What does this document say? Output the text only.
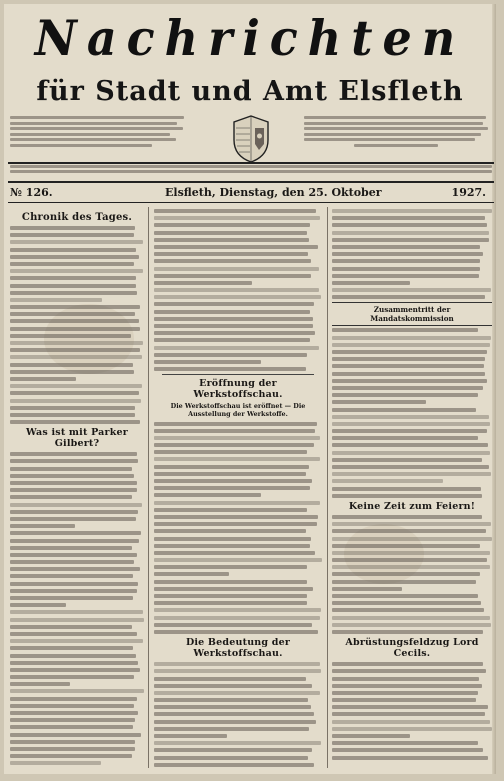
Nachrichten
für Stadt und Amt Elsfleth
№ 126.	Elsfleth, Dienstag, den 25. Oktober	1927.
Chronik des Tages.
Was ist mit Parker Gilbert?
Eröffnung der Werkstoffschau.
Die Werkstoffschau ist eröffnet — Die Ausstellung der Werkstoffe.
Die Bedeutung der Werkstoffschau.
Zusammentritt der Mandatskommission
Keine Zeit zum Feiern!
Abrüstungsfeldzug Lord Cecils.
